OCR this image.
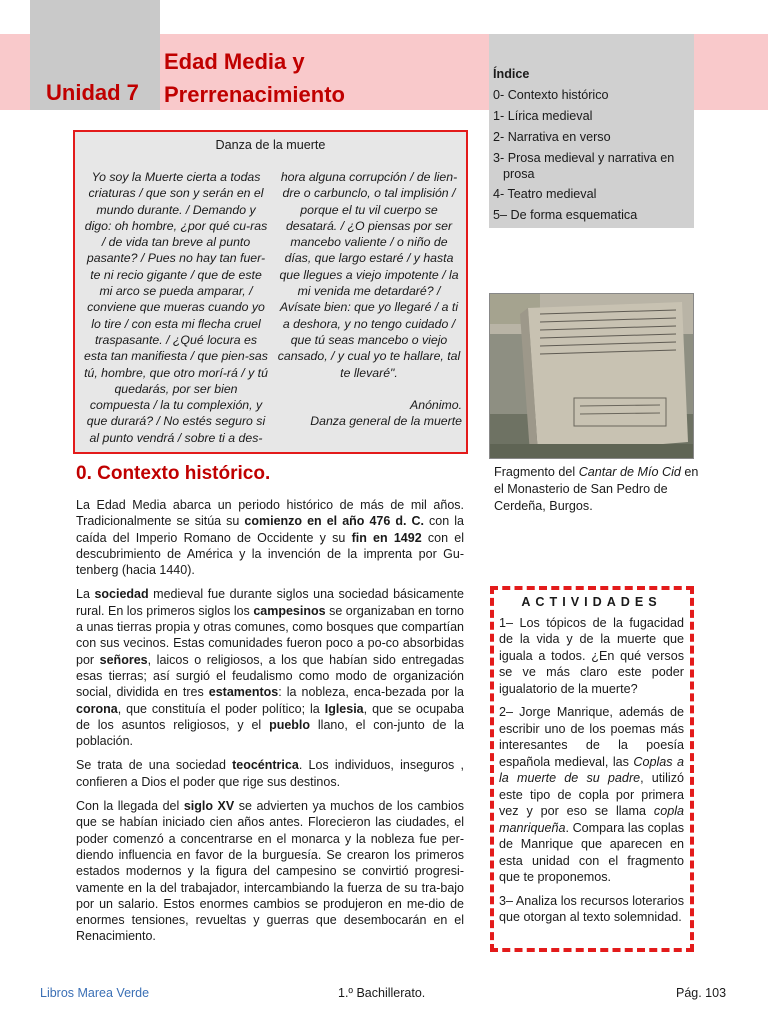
Unidad 7
Edad Media y
Prerrenacimiento
Índice
0- Contexto histórico
1- Lírica medieval
2- Narrativa en verso
3- Prosa medieval y narrativa en prosa
4- Teatro medieval
5– De forma esquematica
Danza de la muerte
Yo soy la Muerte cierta a todas criaturas / que son y serán en el mundo durante. / Demando y digo: oh hombre, ¿por qué cu-ras / de vida tan breve al punto pasante? / Pues no hay tan fuer-te ni recio gigante / que de este mi arco se pueda amparar, / conviene que mueras cuando yo lo tire / con esta mi flecha cruel traspasante. / ¿Qué locura es esta tan manifiesta / que pien-sas tú, hombre, que otro morí-rá / y tú quedarás, por ser bien compuesta / la tu complexión, y que durará? / No estés seguro si al punto vendrá / sobre ti a des-
hora alguna corrupción / de lien-dre o carbunclo, o tal implisión / porque el tu vil cuerpo se desatará. / ¿O piensas por ser mancebo valiente / o niño de días, que largo estaré / y hasta que llegues a viejo impotente / la mi venida me detardaré? / Avísate bien: que yo llegaré / a ti a deshora, y no tengo cuidado / que tú seas mancebo o viejo cansado, / y cual yo te hallare, tal te llevaré".
Anónimo.
Danza general de la muerte
Fragmento del Cantar de Mío Cid en el Monasterio de San Pedro de Cerdeña, Burgos.
0. Contexto histórico.

La Edad Media abarca un periodo histórico de más de mil años. Tradicionalmente se sitúa su comienzo en el año 476 d. C. con la caída del Imperio Romano de Occidente y su fin en 1492 con el descubrimiento de América y la invención de la imprenta por Gu-tenberg (hacia 1440).

La sociedad medieval fue durante siglos una sociedad básicamente rural. En los primeros siglos los campesinos se organizaban en torno a unas tierras propia y otras comunes, como bosques que compartían con sus vecinos. Estas comunidades fueron poco a po-co absorbidas por señores, laicos o religiosos, a los que habían sido entregadas esas tierras; así surgió el feudalismo como modo de organización social, dividida en tres estamentos: la nobleza, enca-bezada por la corona, que constituía el poder político; la Iglesia, que se ocupaba de los asuntos religiosos, y el pueblo llano, el con-junto de la población.

Se trata de una sociedad teocéntrica. Los individuos, inseguros , confieren a Dios el poder que rige sus destinos.

Con la llegada del siglo XV se advierten ya muchos de los cambios que se habían iniciado cien años antes. Florecieron las ciudades, el poder comenzó a concentrarse en el monarca y la nobleza fue per-diendo influencia en favor de la burguesía. Se crearon los primeros estados modernos y la figura del campesino se convirtió progresi-vamente en la del trabajador, intercambiando la fuerza de su tra-bajo por un salario. Estos enormes cambios se produjeron en me-dio de enormes tensiones, revueltas y guerras que desembocarán en el Renacimiento.

ACTIVIDADES

1– Los tópicos de la fugacidad de la vida y de la muerte que iguala a todos. ¿En qué versos se ve más claro este poder igualatorio de la muerte?

2– Jorge Manrique, además de escribir uno de los poemas más interesantes de la poesía española medieval, las Coplas a la muerte de su padre, utilizó este tipo de copla por primera vez y por eso se llama copla manriqueña. Compara las coplas de Manrique que aparecen en esta unidad con el fragmento que te proponemos.

3– Analiza los recursos loterarios que otorgan al texto solemnidad.

Libros Marea Verde	1.º Bachillerato.	Pág. 103
